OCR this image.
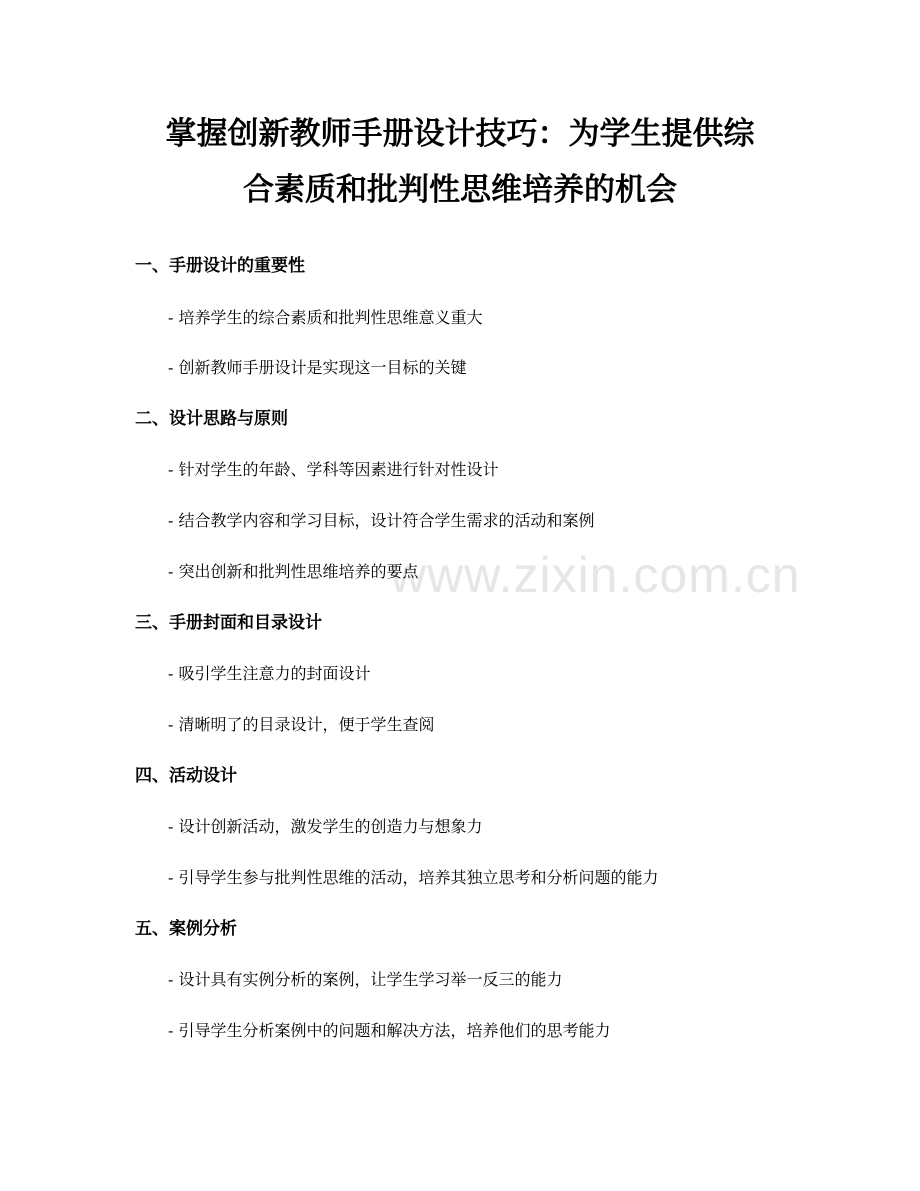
www.zixin.com.cn
掌握创新教师手册设计技巧：为学生提供综
合素质和批判性思维培养的机会
一、手册设计的重要性

- 培养学生的综合素质和批判性思维意义重大

- 创新教师手册设计是实现这一目标的关键

二、设计思路与原则

- 针对学生的年龄、学科等因素进行针对性设计

- 结合教学内容和学习目标，设计符合学生需求的活动和案例

- 突出创新和批判性思维培养的要点

三、手册封面和目录设计

- 吸引学生注意力的封面设计

- 清晰明了的目录设计，便于学生查阅

四、活动设计

- 设计创新活动，激发学生的创造力与想象力

- 引导学生参与批判性思维的活动，培养其独立思考和分析问题的能力

五、案例分析

- 设计具有实例分析的案例，让学生学习举一反三的能力

- 引导学生分析案例中的问题和解决方法，培养他们的思考能力
